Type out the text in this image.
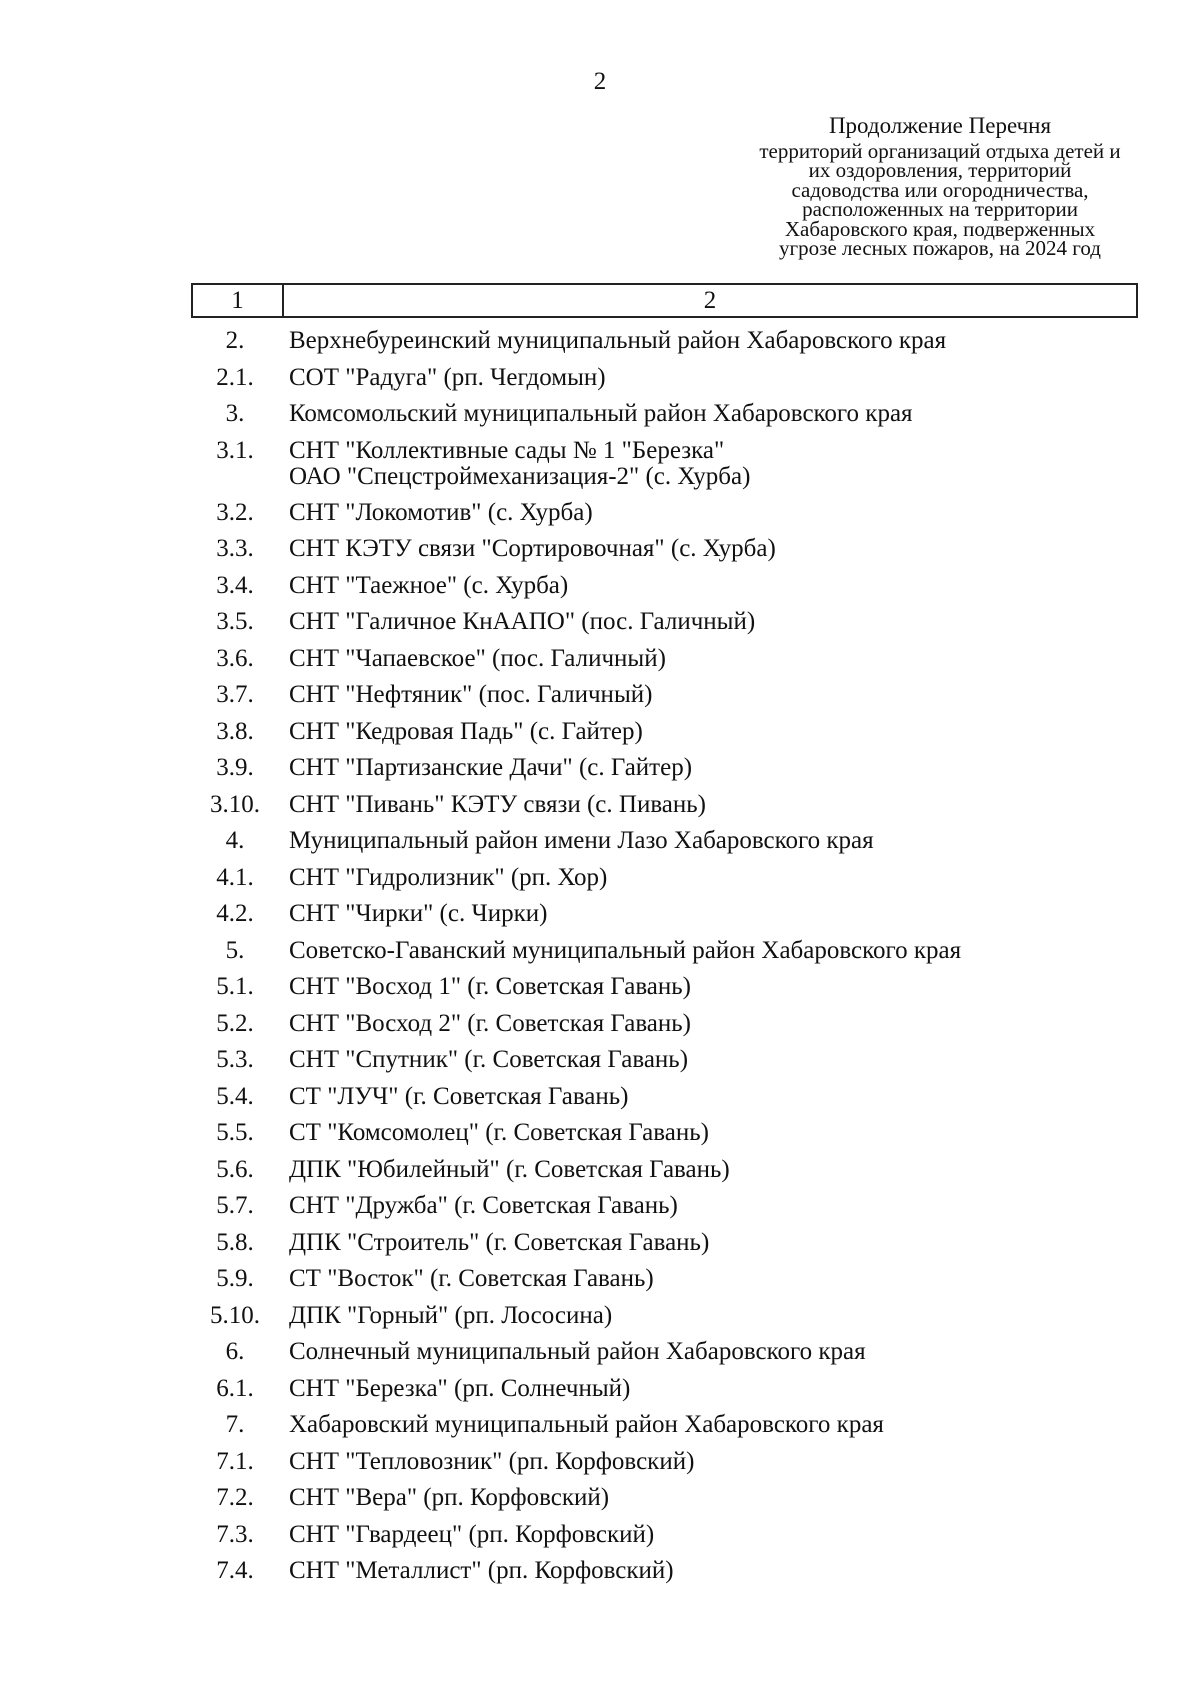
2
Продолжение Перечня
территорий организаций отдыха детей и
их оздоровления, территорий
садоводства или огородничества,
расположенных на территории
Хабаровского края, подверженных
угрозе лесных пожаров, на 2024 год
1	2
2.	Верхнебуреинский муниципальный район Хабаровского края
2.1.	СОТ "Радуга" (рп. Чегдомын)
3.	Комсомольский муниципальный район Хабаровского края
3.1.	СНТ "Коллективные сады № 1 "Березка"
ОАО "Спецстроймеханизация-2" (с. Хурба)
3.2.	СНТ "Локомотив" (с. Хурба)
3.3.	СНТ КЭТУ связи "Сортировочная" (с. Хурба)
3.4.	СНТ "Таежное" (с. Хурба)
3.5.	СНТ "Галичное КнААПО" (пос. Галичный)
3.6.	СНТ "Чапаевское" (пос. Галичный)
3.7.	СНТ "Нефтяник" (пос. Галичный)
3.8.	СНТ "Кедровая Падь" (с. Гайтер)
3.9.	СНТ "Партизанские Дачи" (с. Гайтер)
3.10.	СНТ "Пивань" КЭТУ связи (с. Пивань)
4.	Муниципальный район имени Лазо Хабаровского края
4.1.	СНТ "Гидролизник" (рп. Хор)
4.2.	СНТ "Чирки" (с. Чирки)
5.	Советско-Гаванский муниципальный район Хабаровского края
5.1.	СНТ "Восход 1" (г. Советская Гавань)
5.2.	СНТ "Восход 2" (г. Советская Гавань)
5.3.	СНТ "Спутник" (г. Советская Гавань)
5.4.	СТ "ЛУЧ" (г. Советская Гавань)
5.5.	СТ "Комсомолец" (г. Советская Гавань)
5.6.	ДПК "Юбилейный" (г. Советская Гавань)
5.7.	СНТ "Дружба" (г. Советская Гавань)
5.8.	ДПК "Строитель" (г. Советская Гавань)
5.9.	СТ "Восток" (г. Советская Гавань)
5.10.	ДПК "Горный" (рп. Лососина)
6.	Солнечный муниципальный район Хабаровского края
6.1.	СНТ "Березка" (рп. Солнечный)
7.	Хабаровский муниципальный район Хабаровского края
7.1.	СНТ "Тепловозник" (рп. Корфовский)
7.2.	СНТ "Вера" (рп. Корфовский)
7.3.	СНТ "Гвардеец" (рп. Корфовский)
7.4.	СНТ "Металлист" (рп. Корфовский)
